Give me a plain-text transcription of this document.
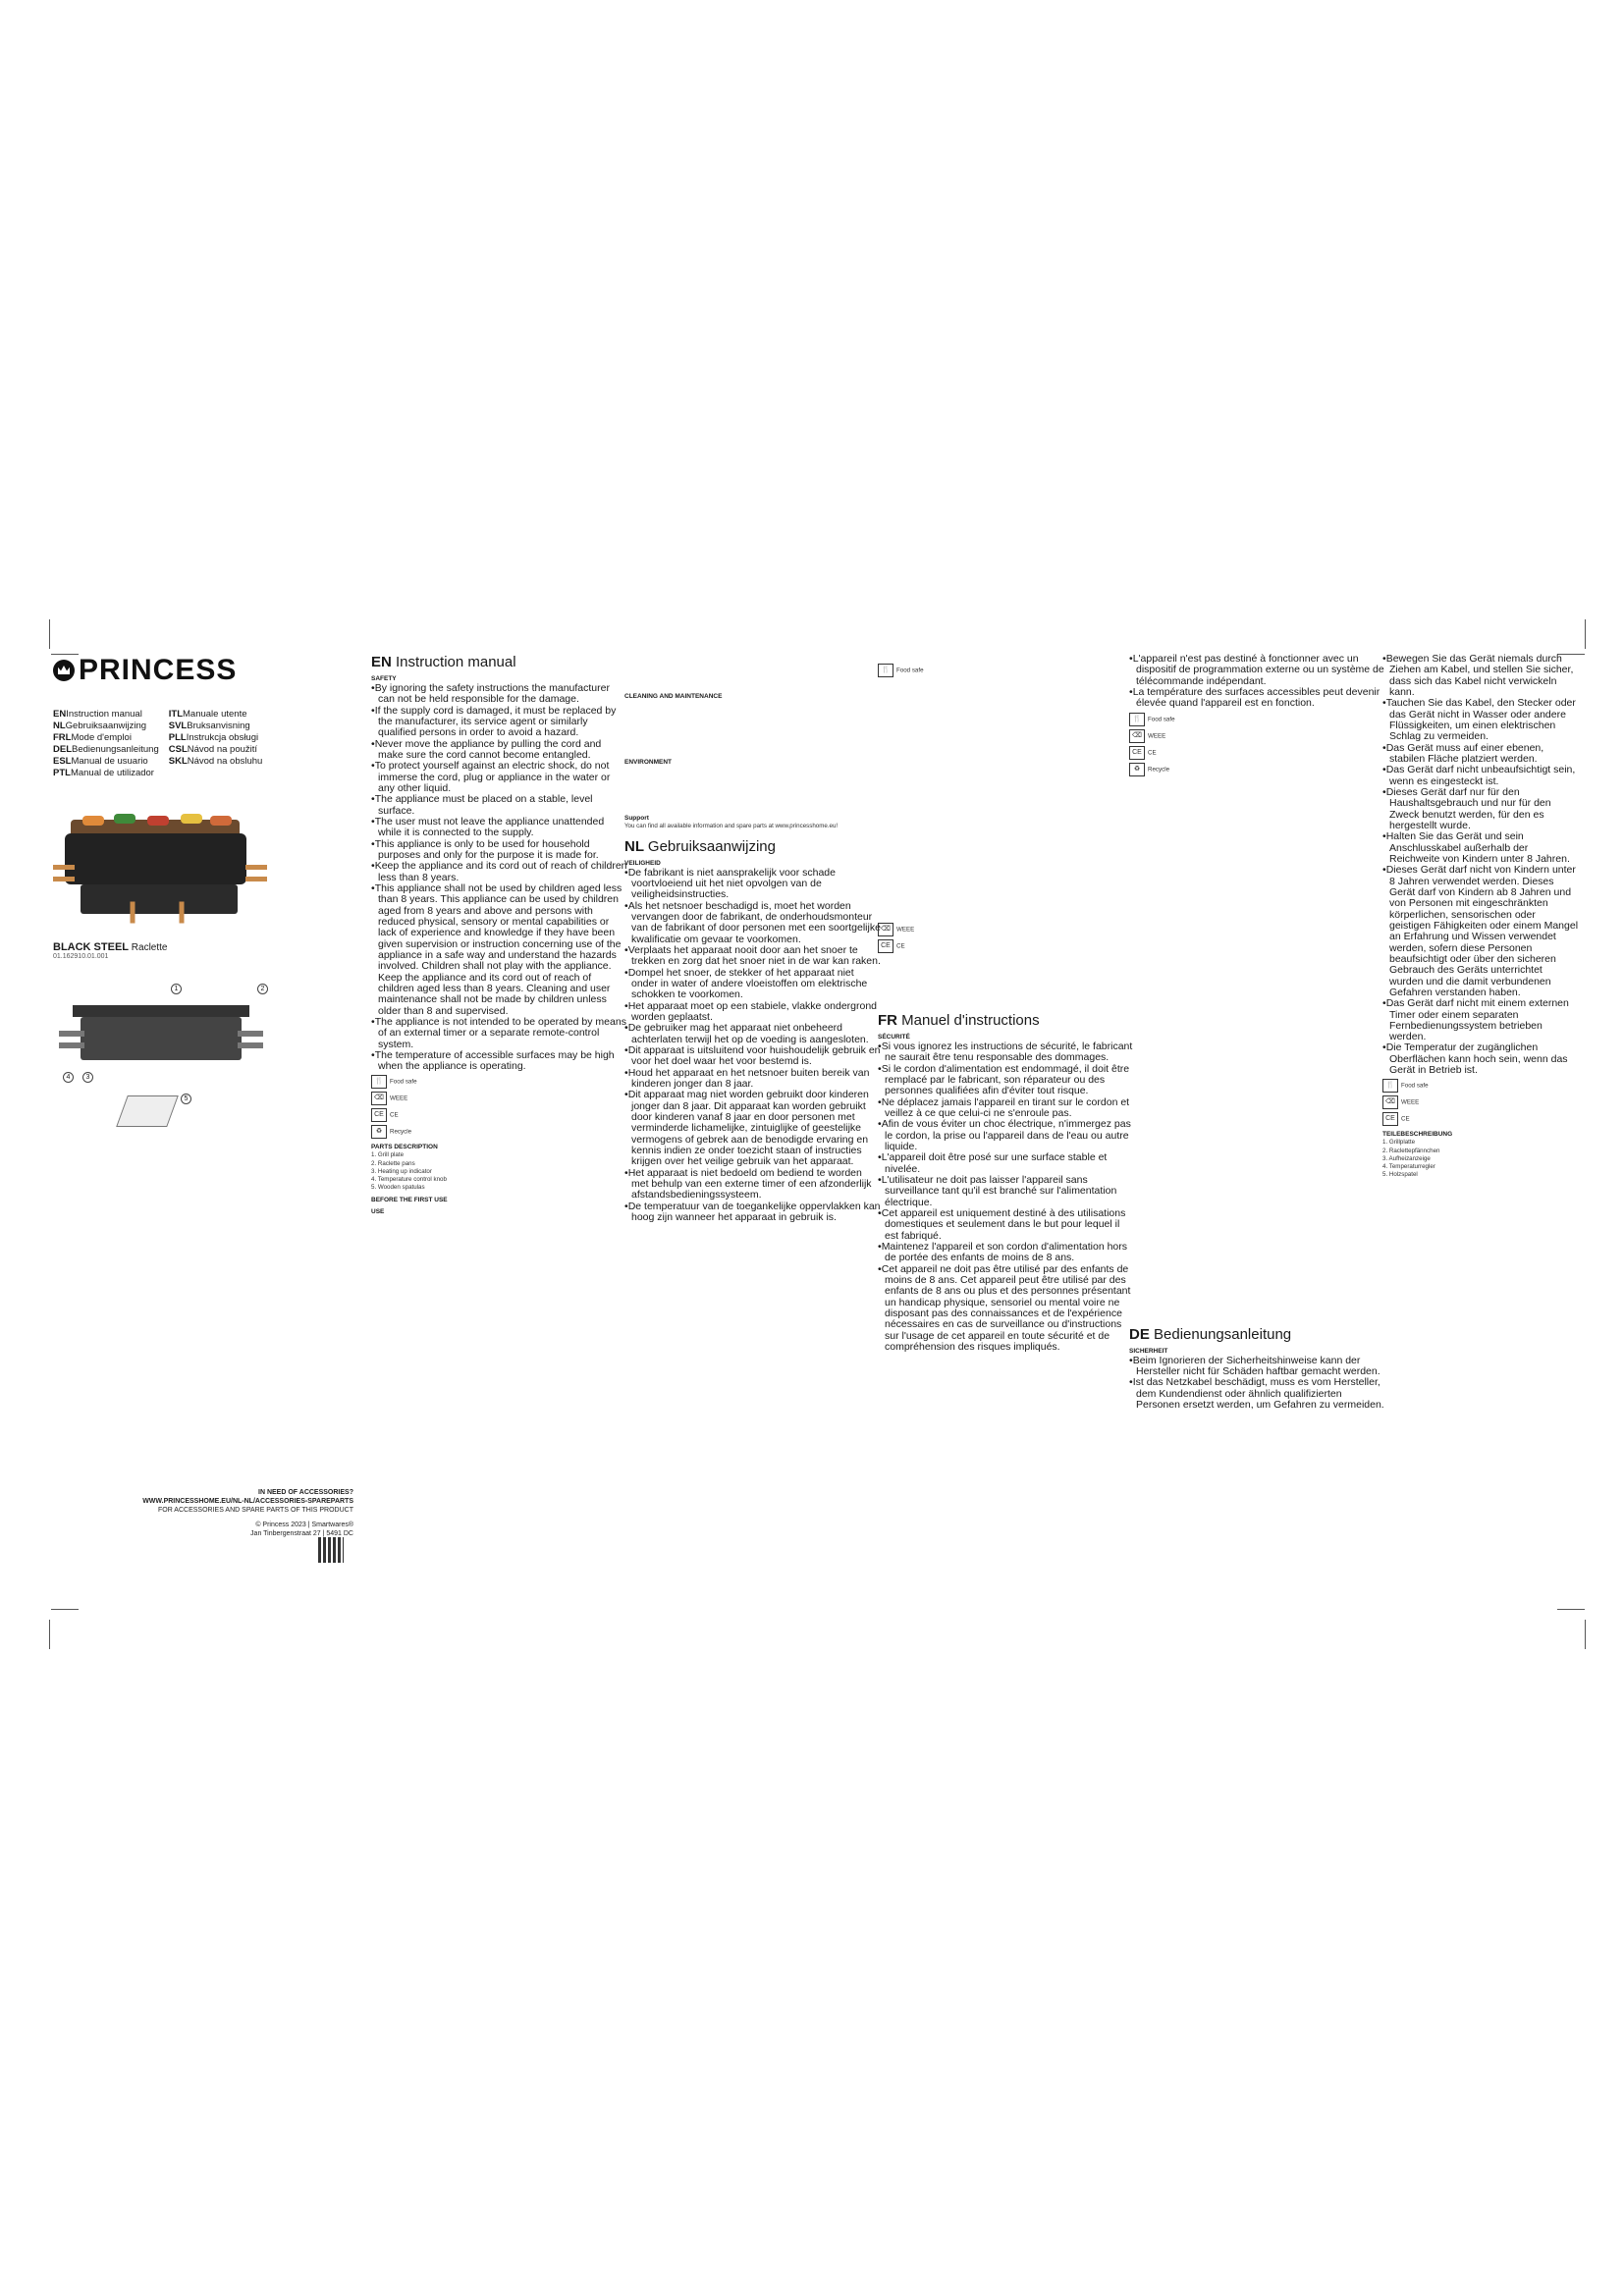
PRINCESS
ENInstruction manual	ITLManuale utente
NLGebruiksaanwijzing	SVLBruksanvisning
FRLMode d'emploi	PLLInstrukcja obsługi
DELBedienungsanleitung CSLNávod na použití
ESLManual de usuario	SKLNávod na obsluhu
PTLManual de utilizador
BLACK STEEL Raclette
01.162910.01.001
1	2
3
4
5
IN NEED OF ACCESSORIES?
WWW.PRINCESSHOME.EU/NL-NL/ACCESSORIES-SPAREPARTS
FOR ACCESSORIES AND SPARE PARTS OF THIS PRODUCT
© Princess 2023 | Smartwares®
Jan Tinbergenstraat 27 | 5491 DC
EN Instruction manual
SAFETY

• By ignoring the safety instructions the manufacturer can not be held responsible for the damage.

• If the supply cord is damaged, it must be replaced by the manufacturer, its service agent or similarly qualified persons in order to avoid a hazard.

• Never move the appliance by pulling the cord and make sure the cord cannot become entangled.

• To protect yourself against an electric shock, do not immerse the cord, plug or appliance in the water or any other liquid.

• The appliance must be placed on a stable, level surface.

• The user must not leave the appliance unattended while it is connected to the supply.

• This appliance is only to be used for household purposes and only for the purpose it is made for.

• Keep the appliance and its cord out of reach of children less than 8 years.

• This appliance shall not be used by children aged less than 8 years. This appliance can be used by children aged from 8 years and above and persons with reduced physical, sensory or mental capabilities or lack of experience and knowledge if they have been given supervision or instruction concerning use of the appliance in a safe way and understand the hazards involved. Children shall not play with the appliance. Keep the appliance and its cord out of reach of children aged less than 8 years. Cleaning and user maintenance shall not be made by children unless older than 8 and supervised.

• The appliance is not intended to be operated by means of an external timer or a separate remote-control system.

• The temperature of accessible surfaces may be high when the appliance is operating.

🍴 Food safe
⌫ WEEE
CE CE
♻ Recycle
PARTS DESCRIPTION
1. Grill plate
2. Raclette pans
3. Heating up indicator
4. Temperature control knob
5. Wooden spatulas
BEFORE THE FIRST USE
USE
CLEANING AND MAINTENANCE
ENVIRONMENT
Support

You can find all available information and spare parts at www.princesshome.eu!

NL Gebruiksaanwijzing
VEILIGHEID

• De fabrikant is niet aansprakelijk voor schade voortvloeiend uit het niet opvolgen van de veiligheidsinstructies.

• Als het netsnoer beschadigd is, moet het worden vervangen door de fabrikant, de onderhoudsmonteur van de fabrikant of door personen met een soortgelijke kwalificatie om gevaar te voorkomen.

• Verplaats het apparaat nooit door aan het snoer te trekken en zorg dat het snoer niet in de war kan raken.

• Dompel het snoer, de stekker of het apparaat niet onder in water of andere vloeistoffen om elektrische schokken te voorkomen.

• Het apparaat moet op een stabiele, vlakke ondergrond worden geplaatst.

• De gebruiker mag het apparaat niet onbeheerd achterlaten terwijl het op de voeding is aangesloten.

• Dit apparaat is uitsluitend voor huishoudelijk gebruik en voor het doel waar het voor bestemd is.

• Houd het apparaat en het netsnoer buiten bereik van kinderen jonger dan 8 jaar.

• Dit apparaat mag niet worden gebruikt door kinderen jonger dan 8 jaar. Dit apparaat kan worden gebruikt door kinderen vanaf 8 jaar en door personen met verminderde lichamelijke, zintuiglijke of geestelijke vermogens of gebrek aan de benodigde ervaring en kennis indien ze onder toezicht staan of instructies krijgen over het veilige gebruik van het apparaat.

• Het apparaat is niet bedoeld om bediend te worden met behulp van een externe timer of een afzonderlijk afstandsbedieningssysteem.

• De temperatuur van de toegankelijke oppervlakken kan hoog zijn wanneer het apparaat in gebruik is.

🍴 Food safe
⌫ WEEE
CE CE
FR Manuel d'instructions
SÉCURITÉ

• Si vous ignorez les instructions de sécurité, le fabricant ne saurait être tenu responsable des dommages.

• Si le cordon d'alimentation est endommagé, il doit être remplacé par le fabricant, son réparateur ou des personnes qualifiées afin d'éviter tout risque.

• Ne déplacez jamais l'appareil en tirant sur le cordon et veillez à ce que celui-ci ne s'enroule pas.

• Afin de vous éviter un choc électrique, n'immergez pas le cordon, la prise ou l'appareil dans de l'eau ou autre liquide.

• L'appareil doit être posé sur une surface stable et nivelée.

• L'utilisateur ne doit pas laisser l'appareil sans surveillance tant qu'il est branché sur l'alimentation électrique.

• Cet appareil est uniquement destiné à des utilisations domestiques et seulement dans le but pour lequel il est fabriqué.

• Maintenez l'appareil et son cordon d'alimentation hors de portée des enfants de moins de 8 ans.

• Cet appareil ne doit pas être utilisé par des enfants de moins de 8 ans. Cet appareil peut être utilisé par des enfants de 8 ans ou plus et des personnes présentant un handicap physique, sensoriel ou mental voire ne disposant pas des connaissances et de l'expérience nécessaires en cas de surveillance ou d'instructions sur l'usage de cet appareil en toute sécurité et de compréhension des risques impliqués.

• L'appareil n'est pas destiné à fonctionner avec un dispositif de programmation externe ou un système de télécommande indépendant.

• La température des surfaces accessibles peut devenir élevée quand l'appareil est en fonction.

🍴 Food safe
⌫ WEEE
CE CE
♻ Recycle
DE Bedienungsanleitung
SICHERHEIT

• Beim Ignorieren der Sicherheitshinweise kann der Hersteller nicht für Schäden haftbar gemacht werden.

• Ist das Netzkabel beschädigt, muss es vom Hersteller, dem Kundendienst oder ähnlich qualifizierten Personen ersetzt werden, um Gefahren zu vermeiden.

• Bewegen Sie das Gerät niemals durch Ziehen am Kabel, und stellen Sie sicher, dass sich das Kabel nicht verwickeln kann.

• Tauchen Sie das Kabel, den Stecker oder das Gerät nicht in Wasser oder andere Flüssigkeiten, um einen elektrischen Schlag zu vermeiden.

• Das Gerät muss auf einer ebenen, stabilen Fläche platziert werden.

• Das Gerät darf nicht unbeaufsichtigt sein, wenn es eingesteckt ist.

• Dieses Gerät darf nur für den Haushaltsgebrauch und nur für den Zweck benutzt werden, für den es hergestellt wurde.

• Halten Sie das Gerät und sein Anschlusskabel außerhalb der Reichweite von Kindern unter 8 Jahren.

• Dieses Gerät darf nicht von Kindern unter 8 Jahren verwendet werden. Dieses Gerät darf von Kindern ab 8 Jahren und von Personen mit eingeschränkten körperlichen, sensorischen oder geistigen Fähigkeiten oder einem Mangel an Erfahrung und Wissen verwendet werden, sofern diese Personen beaufsichtigt oder über den sicheren Gebrauch des Geräts unterrichtet wurden und die damit verbundenen Gefahren verstanden haben.

• Das Gerät darf nicht mit einem externen Timer oder einem separaten Fernbedienungssystem betrieben werden.

• Die Temperatur der zugänglichen Oberflächen kann hoch sein, wenn das Gerät in Betrieb ist.

🍴 Food safe
⌫ WEEE
CE CE
TEILEBESCHREIBUNG
1. Grillplatte
2. Raclettepfännchen
3. Aufheizanzeige
4. Temperaturregler
5. Holzspatel
